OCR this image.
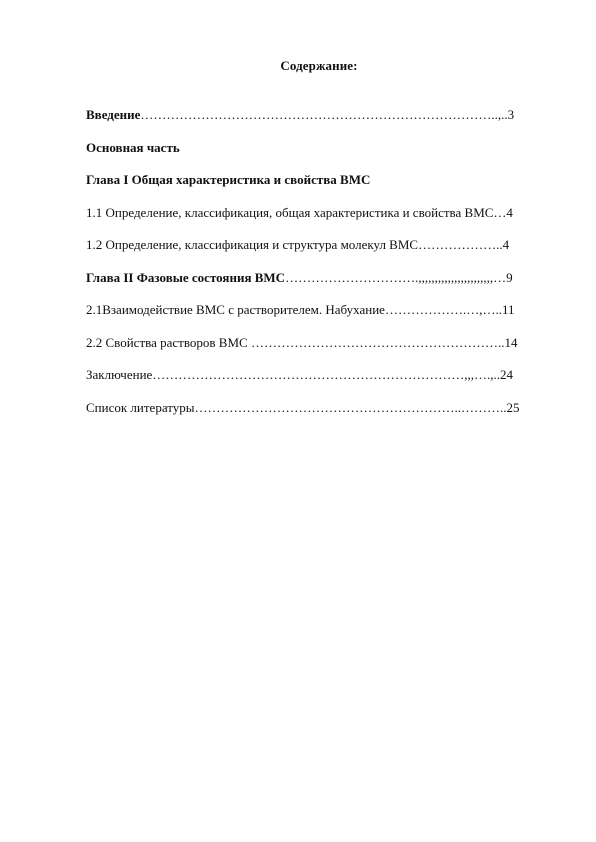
Содержание:
Введение………………………………………………………………………..,..3
Основная часть
Глава I Общая характеристика и свойства ВМС
1.1 Определение, классификация, общая характеристика и свойства ВМС…4
1.2 Определение, классификация и структура молекул ВМС………………..4
Глава II Фазовые состояния ВМС………………………….,,,,,,,,,,,,,,,,,,,,,,,…9
2.1Взаимодействие ВМС с растворителем. Набухание……………….…,…..11
2.2 Свойства растворов ВМС …………………………………………………..14
Заключение………………………………………………………………,,,….,..24
Список литературы……………………………………………………..………..25
